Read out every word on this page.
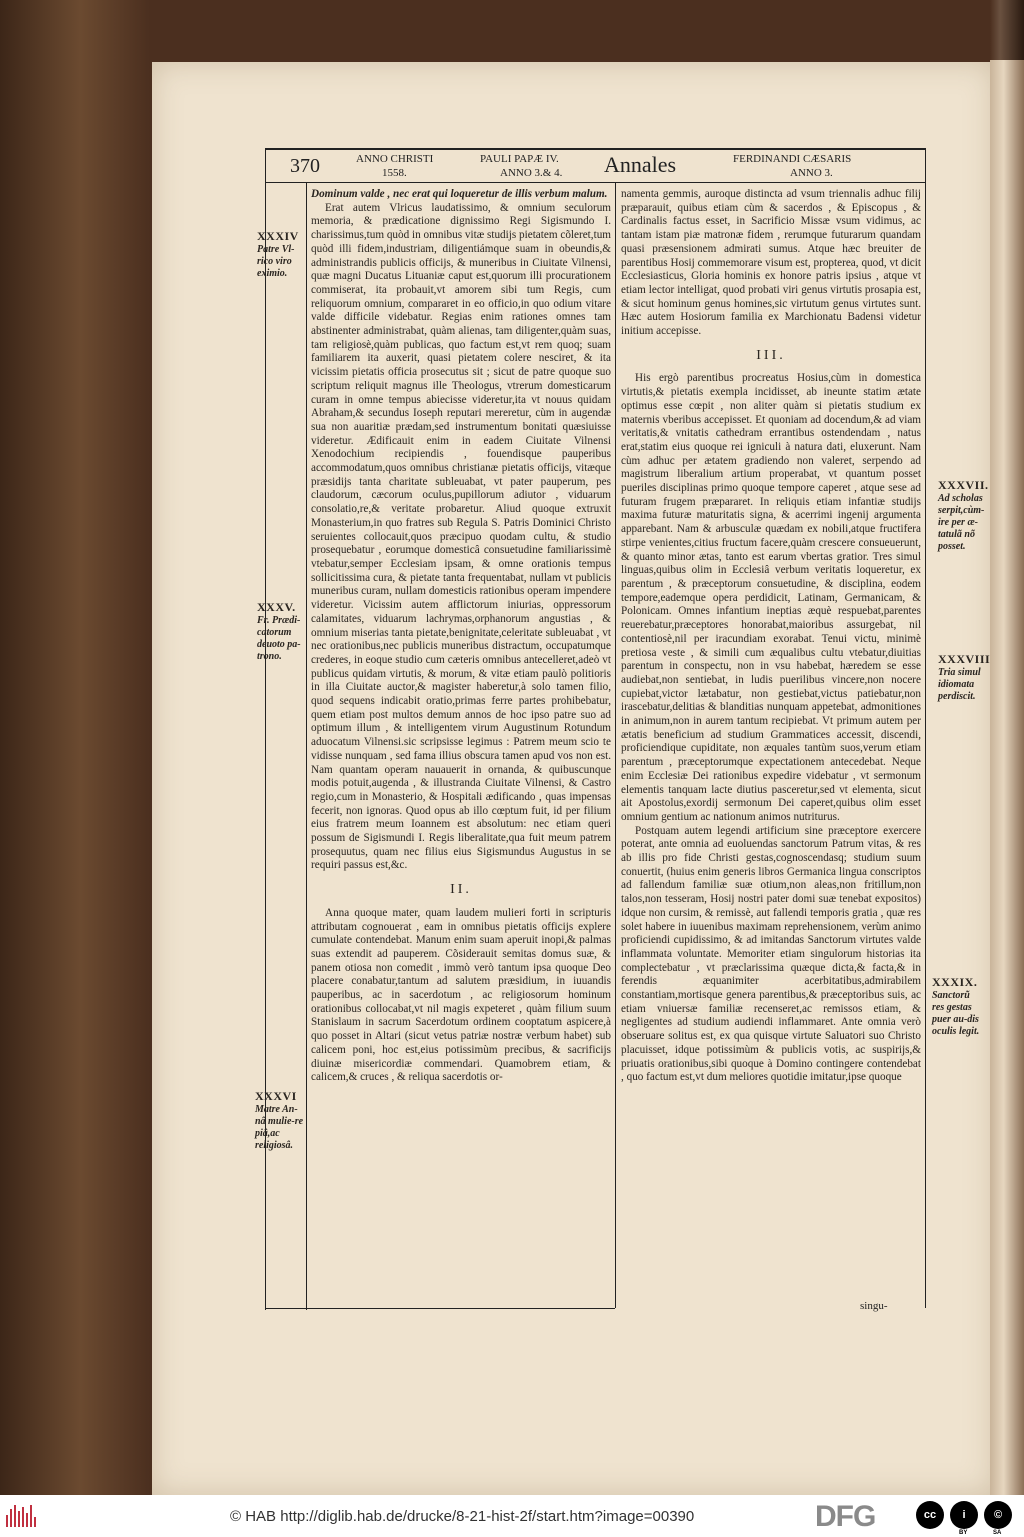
370	ANNO CHRISTI
1558.
PAULI PAPÆ IV.
ANNO 3.& 4. Annales	FERDINANDI CÆSARIS
ANNO 3.
XXXIV
Patre Vl-rico viro eximio.
XXXV.
Fr. Prædi-catorum deuoto pa-trono.
XXXVI
Matre An-nâ mulie-re piâ,ac religiosâ.
XXXVII.
Ad scholas serpit,cùm-ire per æ-tatulã nõ posset.
XXXVIII
Tria simul idiomata perdiscit.
XXXIX.
Sanctorũ res gestas puer au-dis oculis legit.

Dominum valde , nec erat qui loqueretur de illis verbum malum.

Erat autem Vlricus laudatissimo, & omnium seculorum memoria, & prædicatione dignissimo Regi Sigismundo I. charissimus,tum quòd in omnibus vitæ studijs pietatem cõleret,tum quòd illi fidem,industriam, diligentiámque suam in obeundis,& administrandis publicis officijs, & muneribus in Ciuitate Vilnensi, quæ magni Ducatus Lituaniæ caput est,quorum illi procurationem commiserat, ita probauit,vt amorem sibi tum Regis, cum reliquorum omnium, compararet in eo officio,in quo odium vitare valde difficile videbatur. Regias enim rationes omnes tam abstinenter administrabat, quàm alienas, tam diligenter,quàm suas, tam religiosè,quàm publicas, quo factum est,vt rem quoq; suam familiarem ita auxerit, quasi pietatem colere nesciret, & ita vicissim pietatis officia prosecutus sit ; sicut de patre quoque suo scriptum reliquit magnus ille Theologus, vtrerum domesticarum curam in omne tempus abiecisse videretur,ita vt nouus quidam Abraham,& secundus Ioseph reputari mereretur, cùm in augendæ sua non auaritiæ prædam,sed instrumentum bonitati quæsiuisse videretur. Ædificauit enim in eadem Ciuitate Vilnensi Xenodochium recipiendis , fouendisque pauperibus accommodatum,quos omnibus christianæ pietatis officijs, vitæque præsidijs tanta charitate subleuabat, vt pater pauperum, pes claudorum, cæcorum oculus,pupillorum adiutor , viduarum consolatio,re,& veritate probaretur. Aliud quoque extruxit Monasterium,in quo fratres sub Regula S. Patris Dominici Christo seruientes collocauit,quos præcipuo quodam cultu, & studio prosequebatur , eorumque domesticâ consuetudine familiarissimè vtebatur,semper Ecclesiam ipsam, & omne orationis tempus sollicitissima cura, & pietate tanta frequentabat, nullam vt publicis muneribus curam, nullam domesticis rationibus operam impendere videretur. Vicissim autem afflictorum iniurias, oppressorum calamitates, viduarum lachrymas,orphanorum angustias , & omnium miserias tanta pietate,benignitate,celeritate subleuabat , vt nec orationibus,nec publicis muneribus distractum, occupatumque crederes, in eoque studio cum cæteris omnibus antecelleret,adeò vt publicus quidam virtutis, & morum, & vitæ etiam paulò politioris in illa Ciuitate auctor,& magister haberetur,à solo tamen filio, quod sequens indicabit oratio,primas ferre partes prohibebatur, quem etiam post multos demum annos de hoc ipso patre suo ad optimum illum , & intelligentem virum Augustinum Rotundum aduocatum Vilnensi.sic scripsisse legimus : Patrem meum scio te vidisse nunquam , sed fama illius obscura tamen apud vos non est. Nam quantam operam nauauerit in ornanda, & quibuscunque modis potuit,augenda , & illustranda Ciuitate Vilnensi, & Castro regio,cum in Monasterio, & Hospitali ædificando , quas impensas fecerit, non ignoras. Quod opus ab illo cœptum fuit, id per filium eius fratrem meum Ioannem est absolutum: nec etiam queri possum de Sigismundi I. Regis liberalitate,qua fuit meum patrem prosequutus, quam nec filius eius Sigismundus Augustus in se requiri passus est,&c.

II.

Anna quoque mater, quam laudem mulieri forti in scripturis attributam cognouerat , eam in omnibus pietatis officijs explere cumulate contendebat. Manum enim suam aperuit inopi,& palmas suas extendit ad pauperem. Cõsiderauit semitas domus suæ, & panem otiosa non comedit , immò verò tantum ipsa quoque Deo placere conabatur,tantum ad salutem præsidium, in iuuandis pauperibus, ac in sacerdotum , ac religiosorum hominum orationibus collocabat,vt nil magis expeteret , quàm filium suum Stanislaum in sacrum Sacerdotum ordinem cooptatum aspicere,à quo posset in Altari (sicut vetus patriæ nostræ verbum habet) sub calicem poni, hoc est,eius potissimùm precibus, & sacrificijs diuinæ misericordiæ commendari. Quamobrem etiam, & calicem,& cruces , & reliqua sacerdotis or-

namenta gemmis, auroque distincta ad vsum triennalis adhuc filij præparauit, quibus etiam cùm & sacerdos , & Episcopus , & Cardinalis factus esset, in Sacrificio Missæ vsum vidimus, ac tantam istam piæ matronæ fidem , rerumque futurarum quandam quasi præsensionem admirati sumus. Atque hæc breuiter de parentibus Hosij commemorare visum est, propterea, quod, vt dicit Ecclesiasticus, Gloria hominis ex honore patris ipsius , atque vt etiam lector intelligat, quod probati viri genus virtutis prosapia est, & sicut hominum genus homines,sic virtutum genus virtutes sunt. Hæc autem Hosiorum familia ex Marchionatu Badensi videtur initium accepisse.

III.

His ergò parentibus procreatus Hosius,cùm in domestica virtutis,& pietatis exempla incidisset, ab ineunte statim ætate optimus esse cœpit , non aliter quàm si pietatis studium ex maternis vberibus accepisset. Et quoniam ad docendum,& ad viam veritatis,& vnitatis cathedram errantibus ostendendam , natus erat,statim eius quoque rei igniculi à natura dati, eluxerunt. Nam cùm adhuc per ætatem gradiendo non valeret, serpendo ad magistrum liberalium artium properabat, vt quantum posset pueriles disciplinas primo quoque tempore caperet , atque sese ad futuram frugem præpararet. In reliquis etiam infantiæ studijs maxima futuræ maturitatis signa, & acerrimi ingenij argumenta apparebant. Nam & arbusculæ quædam ex nobili,atque fructifera stirpe venientes,citius fructum facere,quàm crescere consueuerunt, & quanto minor ætas, tanto est earum vbertas gratior. Tres simul linguas,quibus olim in Ecclesiâ verbum veritatis loqueretur, ex parentum , & præceptorum consuetudine, & disciplina, eodem tempore,eademque opera perdidicit, Latinam, Germanicam, & Polonicam. Omnes infantium ineptias æquè respuebat,parentes reuerebatur,præceptores honorabat,maioribus assurgebat, nil contentiosè,nil per iracundiam exorabat. Tenui victu, minimè pretiosa veste , & simili cum æqualibus cultu vtebatur,diuitias parentum in conspectu, non in vsu habebat, hæredem se esse audiebat,non sentiebat, in ludis puerilibus vincere,non nocere cupiebat,victor lætabatur, non gestiebat,victus patiebatur,non irascebatur,delitias & blanditias nunquam appetebat, admonitiones in animum,non in aurem tantum recipiebat. Vt primum autem per ætatis beneficium ad studium Grammatices accessit, discendi, proficiendique cupiditate, non æquales tantùm suos,verum etiam parentum , præceptorumque expectationem antecedebat. Neque enim Ecclesiæ Dei rationibus expedire videbatur , vt sermonum elementis tanquam lacte diutius pasceretur,sed vt elementa, sicut ait Apostolus,exordij sermonum Dei caperet,quibus olim esset omnium gentium ac nationum animos nutriturus.

Postquam autem legendi artificium sine præceptore exercere poterat, ante omnia ad euoluendas sanctorum Patrum vitas, & res ab illis pro fide Christi gestas,cognoscendasq; studium suum conuertit, (huius enim generis libros Germanica lingua conscriptos ad fallendum familiæ suæ otium,non aleas,non fritillum,non talos,non tesseram, Hosij nostri pater domi suæ tenebat expositos) idque non cursim, & remissè, aut fallendi temporis gratia , quæ res solet habere in iuuenibus maximam reprehensionem, verùm animo proficiendi cupidissimo, & ad imitandas Sanctorum virtutes valde inflammata voluntate. Memoriter etiam singulorum historias ita complectebatur , vt præclarissima quæque dicta,& facta,& in ferendis æquanimiter acerbitatibus,admirabilem constantiam,mortisque genera parentibus,& præceptoribus suis, ac etiam vniuersæ familiæ recenseret,ac remissos etiam, & negligentes ad studium audiendi inflammaret. Ante omnia verò obseruare solitus est, ex qua quisque virtute Saluatori suo Christo placuisset, idque potissimùm & publicis votis, ac suspirijs,& priuatis orationibus,sibi quoque à Domino contingere contendebat , quo factum est,vt dum meliores quotidie imitatur,ipse quoque

singu-
© HAB http://diglib.hab.de/drucke/8-21-hist-2f/start.htm?image=00390	DFG	cc	i	©
BY	SA
